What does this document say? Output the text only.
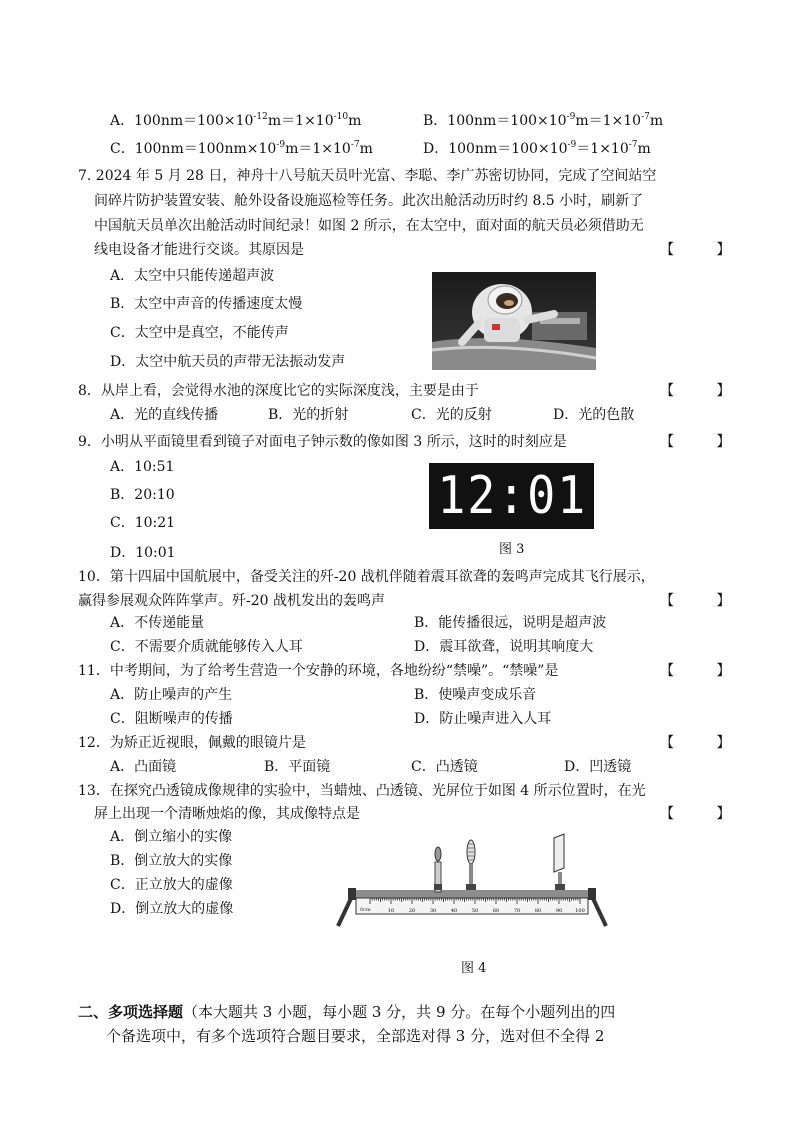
A．$100nm=100\times 10^{-12}m=1\times 10^{-10}m$	B．$100nm=100\times 10^{-9}m=1\times 10^{-7}m$
C．$100nm=100nm\times 10^{-9}m=1\times 10^{-7}m$	D．$100nm=100\times 10^{-9}=1\times 10^{-7}m$
7. 2024 年 5 月 28 日，神舟十八号航天员叶光富、李聪、李广苏密切协同，完成了空间站空
间碎片防护装置安装、舱外设备设施巡检等任务。此次出舱活动历时约 8.5 小时，刷新了
中国航天员单次出舱活动时间纪录！如图 2 所示，在太空中，面对面的航天员必须借助无
线电设备才能进行交谈。其原因是	【 】
A．太空中只能传递超声波
B．太空中声音的传播速度太慢
C．太空中是真空，不能传声
D．太空中航天员的声带无法振动发声
8．从岸上看，会觉得水池的深度比它的实际深度浅，主要是由于	【 】
A．光的直线传播	B．光的折射	C．光的反射	D．光的色散
9．小明从平面镜里看到镜子对面电子钟示数的像如图 3 所示，这时的时刻应是	【 】
A．10:51
B．20:10
C．10:21
D．10:01
12:01
图 3
10．第十四届中国航展中，备受关注的歼-20 战机伴随着震耳欲聋的轰鸣声完成其飞行展示，
赢得参展观众阵阵掌声。歼-20 战机发出的轰鸣声	【 】
A．不传递能量	B．能传播很远，说明是超声波
C．不需要介质就能够传入人耳	D．震耳欲聋，说明其响度大
11．中考期间，为了给考生营造一个安静的环境，各地纷纷“禁噪”。“禁噪”是	【 】
A．防止噪声的产生	B．使噪声变成乐音
C．阻断噪声的传播	D．防止噪声进入人耳
12．为矫正近视眼，佩戴的眼镜片是	【 】
A．凸面镜	B．平面镜	C．凸透镜	D．凹透镜
13．在探究凸透镜成像规律的实验中，当蜡烛、凸透镜、光屏位于如图 4 所示位置时，在光
屏上出现一个清晰烛焰的像，其成像特点是	【 】
A．倒立缩小的实像
B．倒立放大的实像
C．正立放大的虚像
D．倒立放大的虚像	0cm	10	20	30	40	50	60	70	80	90	100
图 4
二、多项选择题（本大题共 3 小题，每小题 3 分，共 9 分。在每个小题列出的四
个备选项中，有多个选项符合题目要求，全部选对得 3 分，选对但不全得 2
